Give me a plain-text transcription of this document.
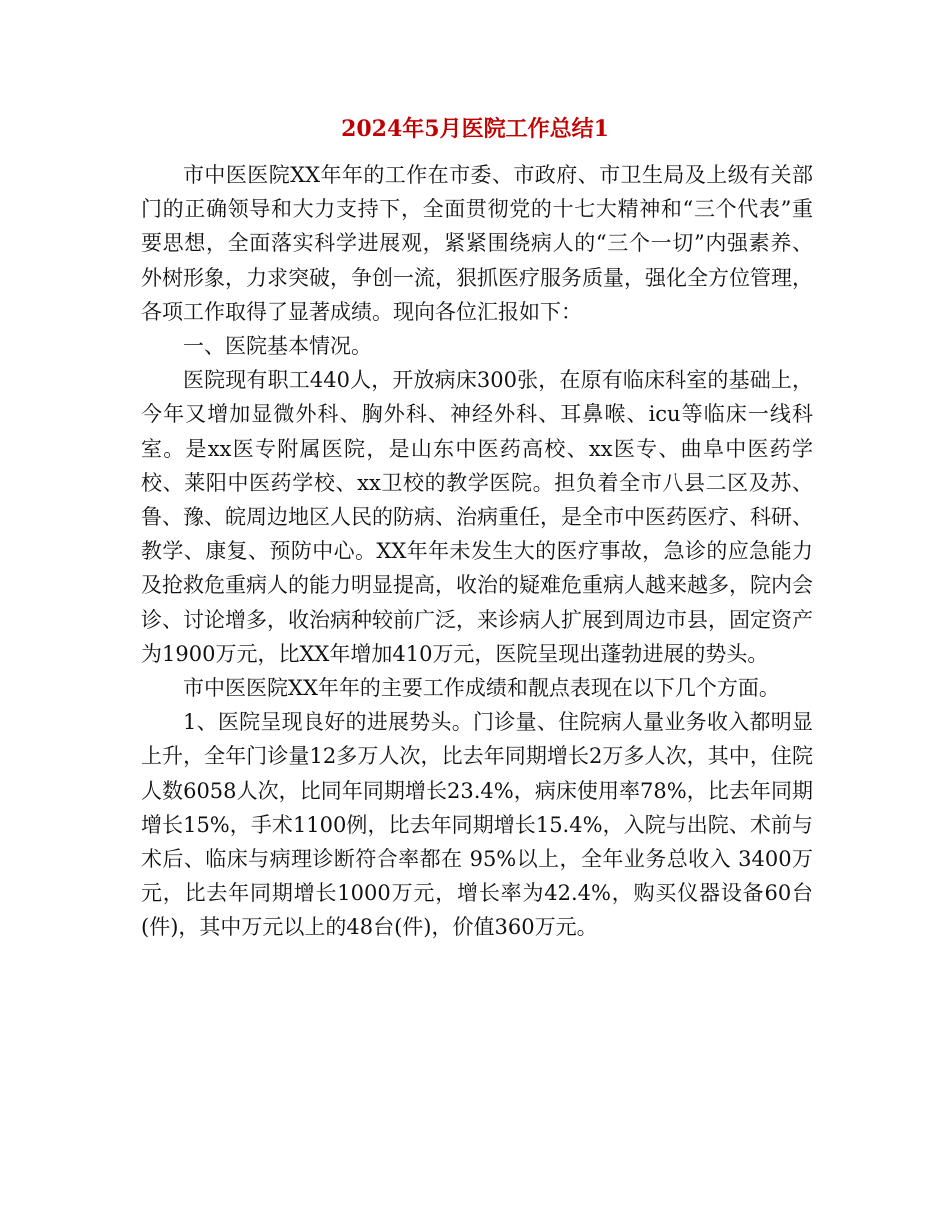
2024年5月医院工作总结1

市中医医院XX年年的工作在市委、市政府、市卫生局及上级有关部门的正确领导和大力支持下，全面贯彻党的十七大精神和“三个代表”重要思想，全面落实科学进展观，紧紧围绕病人的“三个一切”内强素养、外树形象，力求突破，争创一流，狠抓医疗服务质量，强化全方位管理，各项工作取得了显著成绩。现向各位汇报如下：

一、医院基本情况。

医院现有职工440人，开放病床300张，在原有临床科室的基础上，今年又增加显微外科、胸外科、神经外科、耳鼻喉、icu等临床一线科室。是xx医专附属医院，是山东中医药高校、xx医专、曲阜中医药学校、莱阳中医药学校、xx卫校的教学医院。担负着全市八县二区及苏、鲁、豫、皖周边地区人民的防病、治病重任，是全市中医药医疗、科研、教学、康复、预防中心。XX年年未发生大的医疗事故，急诊的应急能力及抢救危重病人的能力明显提高，收治的疑难危重病人越来越多，院内会诊、讨论增多，收治病种较前广泛，来诊病人扩展到周边市县，固定资产为1900万元，比XX年增加410万元，医院呈现出蓬勃进展的势头。

市中医医院XX年年的主要工作成绩和靓点表现在以下几个方面。

1、医院呈现良好的进展势头。门诊量、住院病人量业务收入都明显上升，全年门诊量12多万人次，比去年同期增长2万多人次，其中，住院人数6058人次，比同年同期增长23.4%，病床使用率78%，比去年同期增长15%，手术1100例，比去年同期增长15.4%，入院与出院、术前与术后、临床与病理诊断符合率都在 95%以上，全年业务总收入 3400万元，比去年同期增长1000万元，增长率为42.4%，购买仪器设备60台(件)，其中万元以上的48台(件)，价值360万元。
